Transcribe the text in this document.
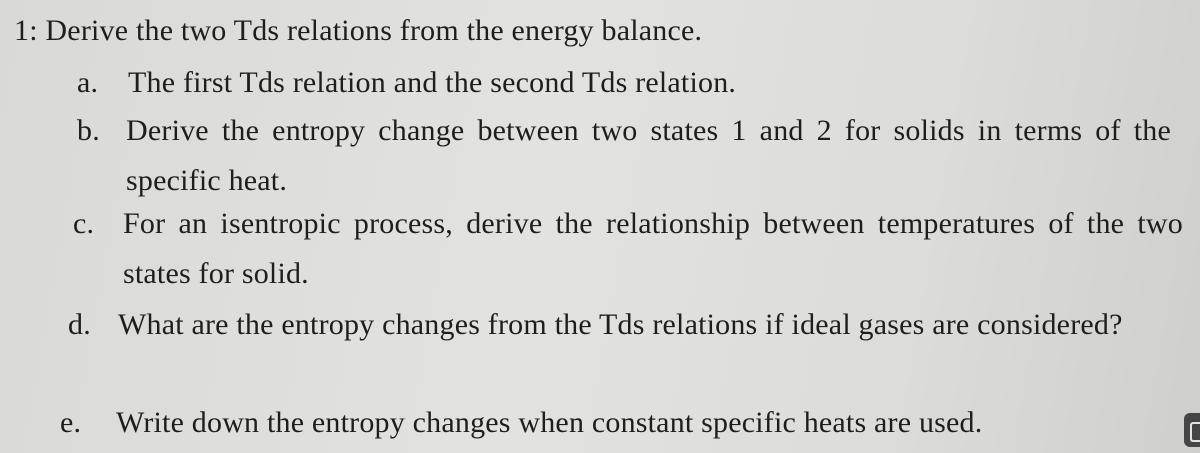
1: Derive the two Tds relations from the energy balance.
a. The first Tds relation and the second Tds relation.
b. Derive the entropy change between two states 1 and 2 for solids in terms of the specific heat.
c. For an isentropic process, derive the relationship between temperatures of the two states for solid.
d. What are the entropy changes from the Tds relations if ideal gases are considered?
e. Write down the entropy changes when constant specific heats are used.
